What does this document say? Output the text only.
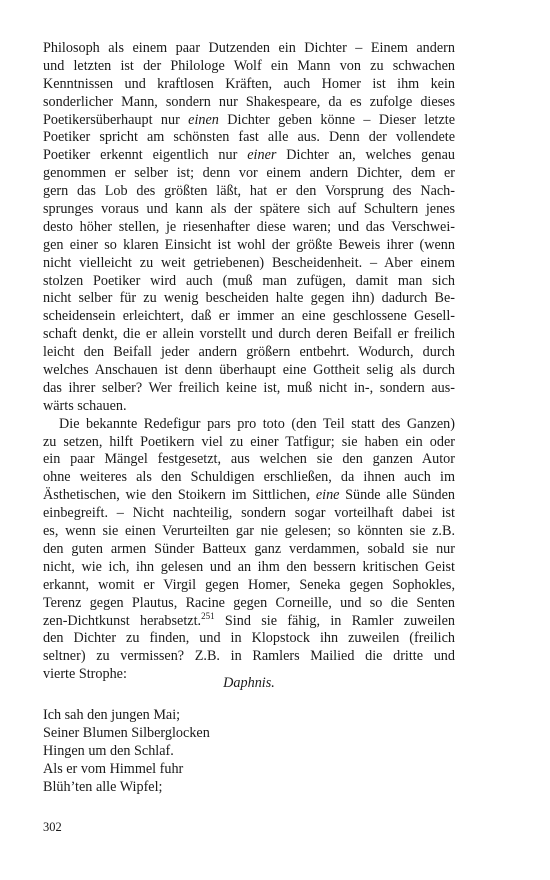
Philosoph als einem paar Dutzenden ein Dichter – Einem andern
und letzten ist der Philologe Wolf ein Mann von zu schwachen
Kenntnissen und kraftlosen Kräften, auch Homer ist ihm kein
sonderlicher Mann, sondern nur Shakespeare, da es zufolge dieses
Poetikersüberhaupt nur einen Dichter geben könne – Dieser letzte
Poetiker spricht am schönsten fast alle aus. Denn der vollendete
Poetiker erkennt eigentlich nur einer Dichter an, welches genau
genommen er selber ist; denn vor einem andern Dichter, dem er
gern das Lob des größten läßt, hat er den Vorsprung des Nach-
sprunges voraus und kann als der spätere sich auf Schultern jenes
desto höher stellen, je riesenhafter diese waren; und das Verschwei-
gen einer so klaren Einsicht ist wohl der größte Beweis ihrer (wenn
nicht vielleicht zu weit getriebenen) Bescheidenheit. – Aber einem
stolzen Poetiker wird auch (muß man zufügen, damit man sich
nicht selber für zu wenig bescheiden halte gegen ihn) dadurch Be-
scheidensein erleichtert, daß er immer an eine geschlossene Gesell-
schaft denkt, die er allein vorstellt und durch deren Beifall er freilich
leicht den Beifall jeder andern größern entbehrt. Wodurch, durch
welches Anschauen ist denn überhaupt eine Gottheit selig als durch
das ihrer selber? Wer freilich keine ist, muß nicht in-, sondern aus-
wärts schauen.
Die bekannte Redefigur pars pro toto (den Teil statt des Ganzen)
zu setzen, hilft Poetikern viel zu einer Tatfigur; sie haben ein oder
ein paar Mängel festgesetzt, aus welchen sie den ganzen Autor
ohne weiteres als den Schuldigen erschließen, da ihnen auch im
Ästhetischen, wie den Stoikern im Sittlichen, eine Sünde alle Sünden
einbegreift. – Nicht nachteilig, sondern sogar vorteilhaft dabei ist
es, wenn sie einen Verurteilten gar nie gelesen; so könnten sie z.B.
den guten armen Sünder Batteux ganz verdammen, sobald sie nur
nicht, wie ich, ihn gelesen und an ihm den bessern kritischen Geist
erkannt, womit er Virgil gegen Homer, Seneka gegen Sophokles,
Terenz gegen Plautus, Racine gegen Corneille, und so die Senten
zen-Dichtkunst herabsetzt.$^{251}$ Sind sie fähig, in Ramler zuweilen
den Dichter zu finden, und in Klopstock ihn zuweilen (freilich
seltner) zu vermissen? Z.B. in Ramlers Mailied die dritte und
vierte Strophe:
Daphnis.
Ich sah den jungen Mai;
Seiner Blumen Silberglocken
Hingen um den Schlaf.
Als er vom Himmel fuhr
Blüh’ten alle Wipfel;
302
